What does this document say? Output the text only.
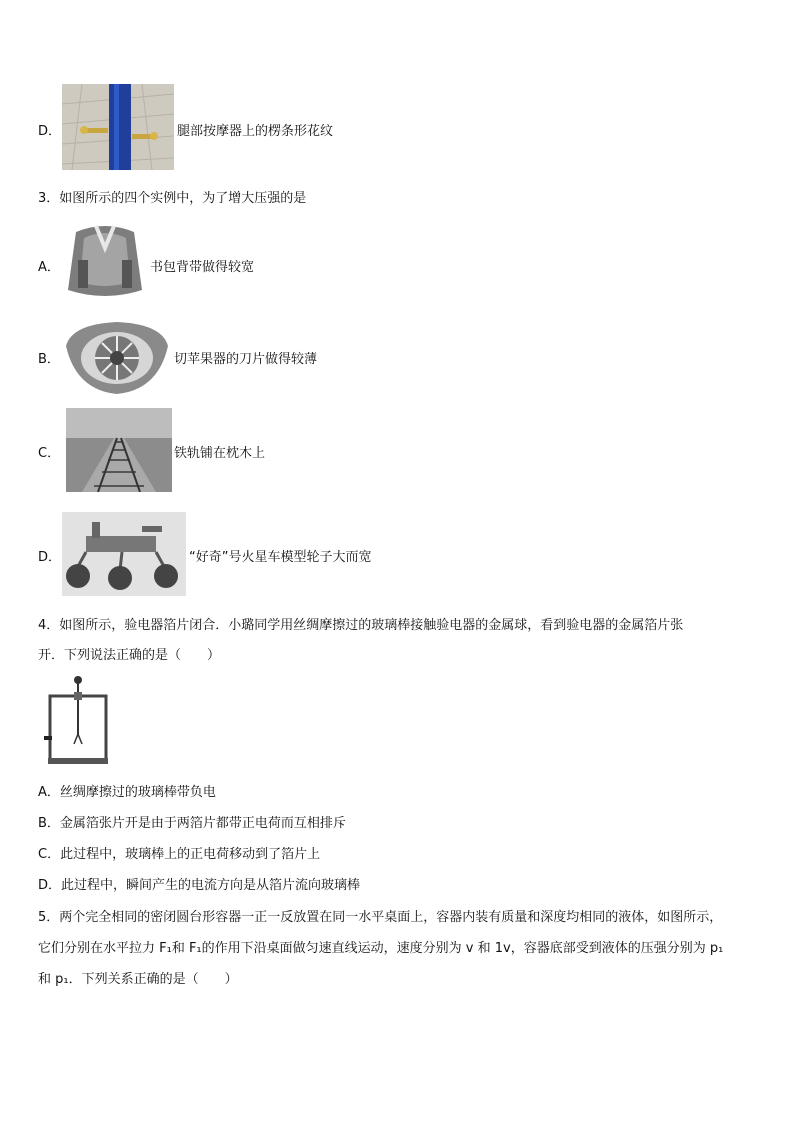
D．	腿部按摩器上的楞条形花纹
3．如图所示的四个实例中，为了增大压强的是
A．	书包背带做得较宽
B．	切苹果器的刀片做得较薄
C．	铁轨铺在枕木上
D．	“好奇”号火星车模型轮子大而宽
4．如图所示，验电器箔片闭合．小璐同学用丝绸摩擦过的玻璃棒接触验电器的金属球，看到验电器的金属箔片张
开．下列说法正确的是（　　）
A．丝绸摩擦过的玻璃棒带负电
B．金属箔张片开是由于两箔片都带正电荷而互相排斥
C．此过程中，玻璃棒上的正电荷移动到了箔片上
D．此过程中，瞬间产生的电流方向是从箔片流向玻璃棒
5．两个完全相同的密闭圆台形容器一正一反放置在同一水平桌面上，容器内装有质量和深度均相同的液体，如图所示，
它们分别在水平拉力 F₁和 F₁的作用下沿桌面做匀速直线运动，速度分别为 v 和 1v，容器底部受到液体的压强分别为 p₁
和 p₁．下列关系正确的是（　　）
